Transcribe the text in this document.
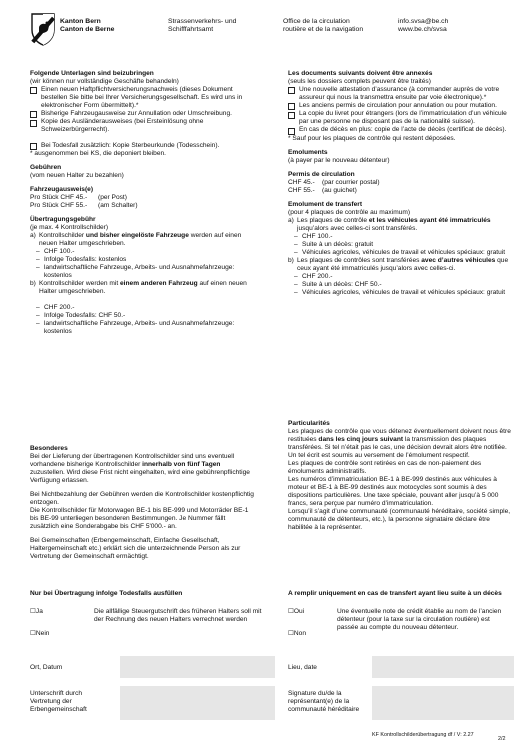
Kanton Bern
Canton de Berne
Strassenverkehrs- und
Schifffahrtsamt
Office de la circulation
routière et de la navigation
info.svsa@be.ch
www.be.ch/svsa

Folgende Unterlagen sind beizubringen

(wir können nur vollständige Geschäfte behandeln)

Einen neuen Haftpflichtversicherungsnachweis (dieses Dokument bestellen Sie bitte bei Ihrer Versicherungsgesellschaft. Es wird uns in elektronischer Form übermittelt).*
Bisherige Fahrzeugausweise zur Annullation oder Umschreibung.
Kopie des Ausländerausweises (bei Ersteinlösung ohne Schweizerbürgerrecht).
Bei Todesfall zusätzlich: Kopie Sterbeurkunde (Todesschein).

* ausgenommen bei KS, die deponiert bleiben.

Gebühren

(vom neuen Halter zu bezahlen)

Fahrzeugausweis(e)

Pro Stück CHF 45.- (per Post)

Pro Stück CHF 55.- (am Schalter)

Übertragungsgebühr

(je max. 4 Kontrollschilder)

a) Kontrollschilder und bisher eingelöste Fahrzeuge werden auf einen neuen Halter umgeschrieben.
– CHF 100.-
– Infolge Todesfalls: kostenlos
– landwirtschaftliche Fahrzeuge, Arbeits- und Ausnahmefahrzeuge: kostenlos
b) Kontrollschilder werden mit einem anderen Fahrzeug auf einen neuen Halter umgeschrieben.
– CHF 200.-
– Infolge Todesfalls: CHF 50.-
– landwirtschaftliche Fahrzeuge, Arbeits- und Ausnahmefahrzeuge: kostenlos

Besonderes

Bei der Lieferung der übertragenen Kontrollschilder sind uns eventuell vorhandene bisherige Kontrollschilder innerhalb von fünf Tagen zuzustellen. Wird diese Frist nicht eingehalten, wird eine gebührenpflichtige Verfügung erlassen.

Bei Nichtbezahlung der Gebühren werden die Kontrollschilder kostenpflichtig entzogen.

Die Kontrollschilder für Motorwagen BE-1 bis BE-999 und Motorräder BE-1 bis BE-99 unterliegen besonderen Bestimmungen. Je Nummer fällt zusätzlich eine Sonderabgabe bis CHF 5'000.- an.

Bei Gemeinschaften (Erbengemeinschaft, Einfache Gesellschaft, Haltergemeinschaft etc.) erklärt sich die unterzeichnende Person als zur Vertretung der Gemeinschaft ermächtigt.

Les documents suivants doivent être annexés

(seuls les dossiers complets peuvent être traités)

Une nouvelle attestation d’assurance (à commander auprès de votre assureur qui nous la transmettra ensuite par voie électronique).*
Les anciens permis de circulation pour annulation ou pour mutation.
La copie du livret pour étrangers (lors de l’immatriculation d’un véhicule par une personne ne disposant pas de la nationalité suisse).
En cas de décès en plus: copie de l’acte de décès (certificat de décès).

* Sauf pour les plaques de contrôle qui restent déposées.

Emoluments

(à payer par le nouveau détenteur)

Permis de circulation

CHF 45.- (par courrier postal)

CHF 55.- (au guichet)

Emolument de transfert

(pour 4 plaques de contrôle au maximum)

a) Les plaques de contrôle et les véhicules ayant été immatriculés jusqu’alors avec celles-ci sont transférés.
– CHF 100.-
– Suite à un décès: gratuit
– Véhicules agricoles, véhicules de travail et véhicules spéciaux: gratuit
b) Les plaques de contrôles sont transférées avec d’autres véhicules que ceux ayant été immatriculés jusqu’alors avec celles-ci.
– CHF 200.-
– Suite à un décès: CHF 50.-
– Véhicules agricoles, véhicules de travail et véhicules spéciaux: gratuit

Particularités

Les plaques de contrôle que vous détenez éventuellement doivent nous être restituées dans les cinq jours suivant la transmission des plaques transférées. Si tel n’était pas le cas, une décision devrait alors être notifiée. Un tel écrit est soumis au versement de l’émolument respectif.

Les plaques de contrôle sont retirées en cas de non-paiement des émoluments administratifs.

Les numéros d’immatriculation BE-1 à BE-999 destinés aux véhicules à moteur et BE-1 à BE-99 destinés aux motocycles sont soumis à des dispositions particulières. Une taxe spéciale, pouvant aller jusqu’à 5 000 francs, sera perçue par numéro d’immatriculation.

Lorsqu’il s’agit d’une communauté (communauté héréditaire, société simple, communauté de détenteurs, etc.), la personne signataire déclare être habilitée à la représenter.

Nur bei Übertragung infolge Todesfalls ausfüllen
☐Ja
☐Nein
Die allfällige Steuergutschrift des früheren Halters soll mit der Rechnung des neuen Halters verrechnet werden
A remplir uniquement en cas de transfert ayant lieu suite à un décès
☐Oui
☐Non
Une éventuelle note de crédit établie au nom de l’ancien détenteur (pour la taxe sur la circulation routière) est passée au compte du nouveau détenteur.
Ort, Datum	Lieu, date
Unterschrift durch Vertretung der Erbengemeinschaft
Signature du/de la représentant(e) de la communauté héréditaire
KF Kontrollschilderübertragung df / V: 2.27
2/2
